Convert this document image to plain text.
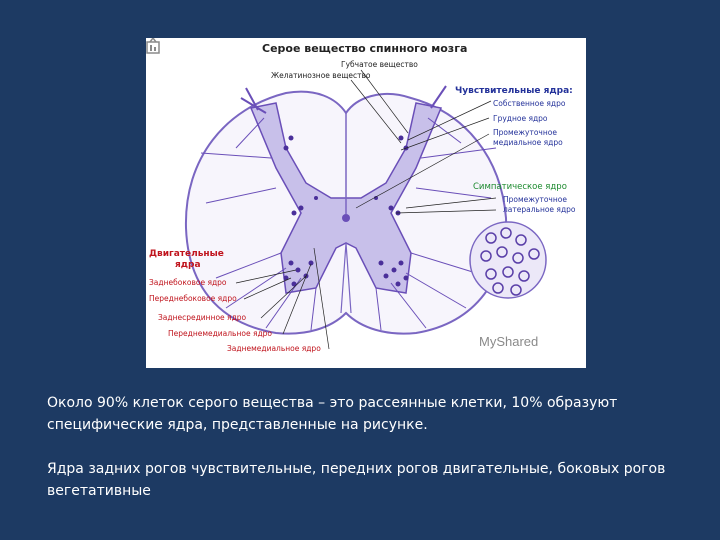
Серое вещество спинного мозга
Губчатое вещество
Желатинозное вещество
Чувствительные ядра:
Собственное ядро
Грудное ядро
Промежуточное
медиальное ядро
Симпатическое ядро
Промежуточное
латеральное ядро
Двигательные
ядра
Заднебоковое ядро
Переднебоковое ядро
Заднесрединное ядро
Переднемедиальное ядро
Заднемедиальное ядро	MyShared

Около 90% клеток серого вещества – это рассеянные клетки, 10% образуют специфические ядра, представленные на рисунке.

Ядра задних рогов чувствительные, передних рогов двигательные, боковых рогов вегетативные
